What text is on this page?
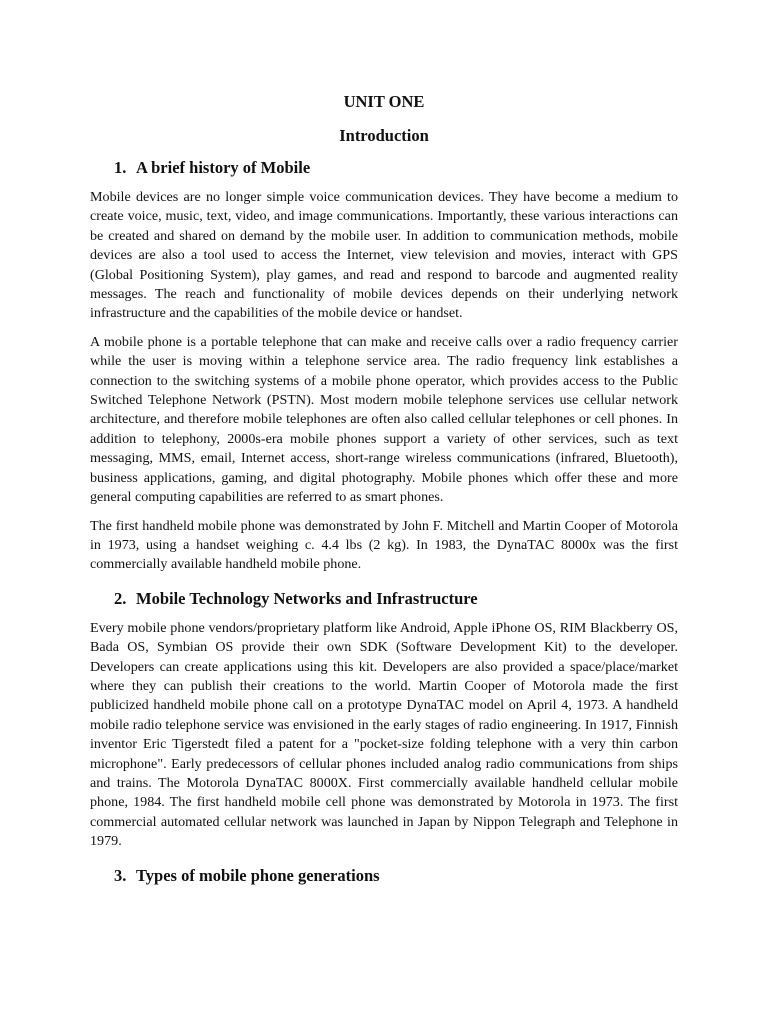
UNIT ONE
Introduction
1. A brief history of Mobile

Mobile devices are no longer simple voice communication devices. They have become a medium to create voice, music, text, video, and image communications. Importantly, these various interactions can be created and shared on demand by the mobile user. In addition to communication methods, mobile devices are also a tool used to access the Internet, view television and movies, interact with GPS (Global Positioning System), play games, and read and respond to barcode and augmented reality messages. The reach and functionality of mobile devices depends on their underlying network infrastructure and the capabilities of the mobile device or handset.

A mobile phone is a portable telephone that can make and receive calls over a radio frequency carrier while the user is moving within a telephone service area. The radio frequency link establishes a connection to the switching systems of a mobile phone operator, which provides access to the Public Switched Telephone Network (PSTN). Most modern mobile telephone services use cellular network architecture, and therefore mobile telephones are often also called cellular telephones or cell phones. In addition to telephony, 2000s-era mobile phones support a variety of other services, such as text messaging, MMS, email, Internet access, short-range wireless communications (infrared, Bluetooth), business applications, gaming, and digital photography. Mobile phones which offer these and more general computing capabilities are referred to as smart phones.

The first handheld mobile phone was demonstrated by John F. Mitchell and Martin Cooper of Motorola in 1973, using a handset weighing c. 4.4 lbs (2 kg). In 1983, the DynaTAC 8000x was the first commercially available handheld mobile phone.

2. Mobile Technology Networks and Infrastructure

Every mobile phone vendors/proprietary platform like Android, Apple iPhone OS, RIM Blackberry OS, Bada OS, Symbian OS provide their own SDK (Software Development Kit) to the developer. Developers can create applications using this kit. Developers are also provided a space/place/market where they can publish their creations to the world. Martin Cooper of Motorola made the first publicized handheld mobile phone call on a prototype DynaTAC model on April 4, 1973. A handheld mobile radio telephone service was envisioned in the early stages of radio engineering. In 1917, Finnish inventor Eric Tigerstedt filed a patent for a "pocket-size folding telephone with a very thin carbon microphone". Early predecessors of cellular phones included analog radio communications from ships and trains. The Motorola DynaTAC 8000X. First commercially available handheld cellular mobile phone, 1984. The first handheld mobile cell phone was demonstrated by Motorola in 1973. The first commercial automated cellular network was launched in Japan by Nippon Telegraph and Telephone in 1979.

3. Types of mobile phone generations
